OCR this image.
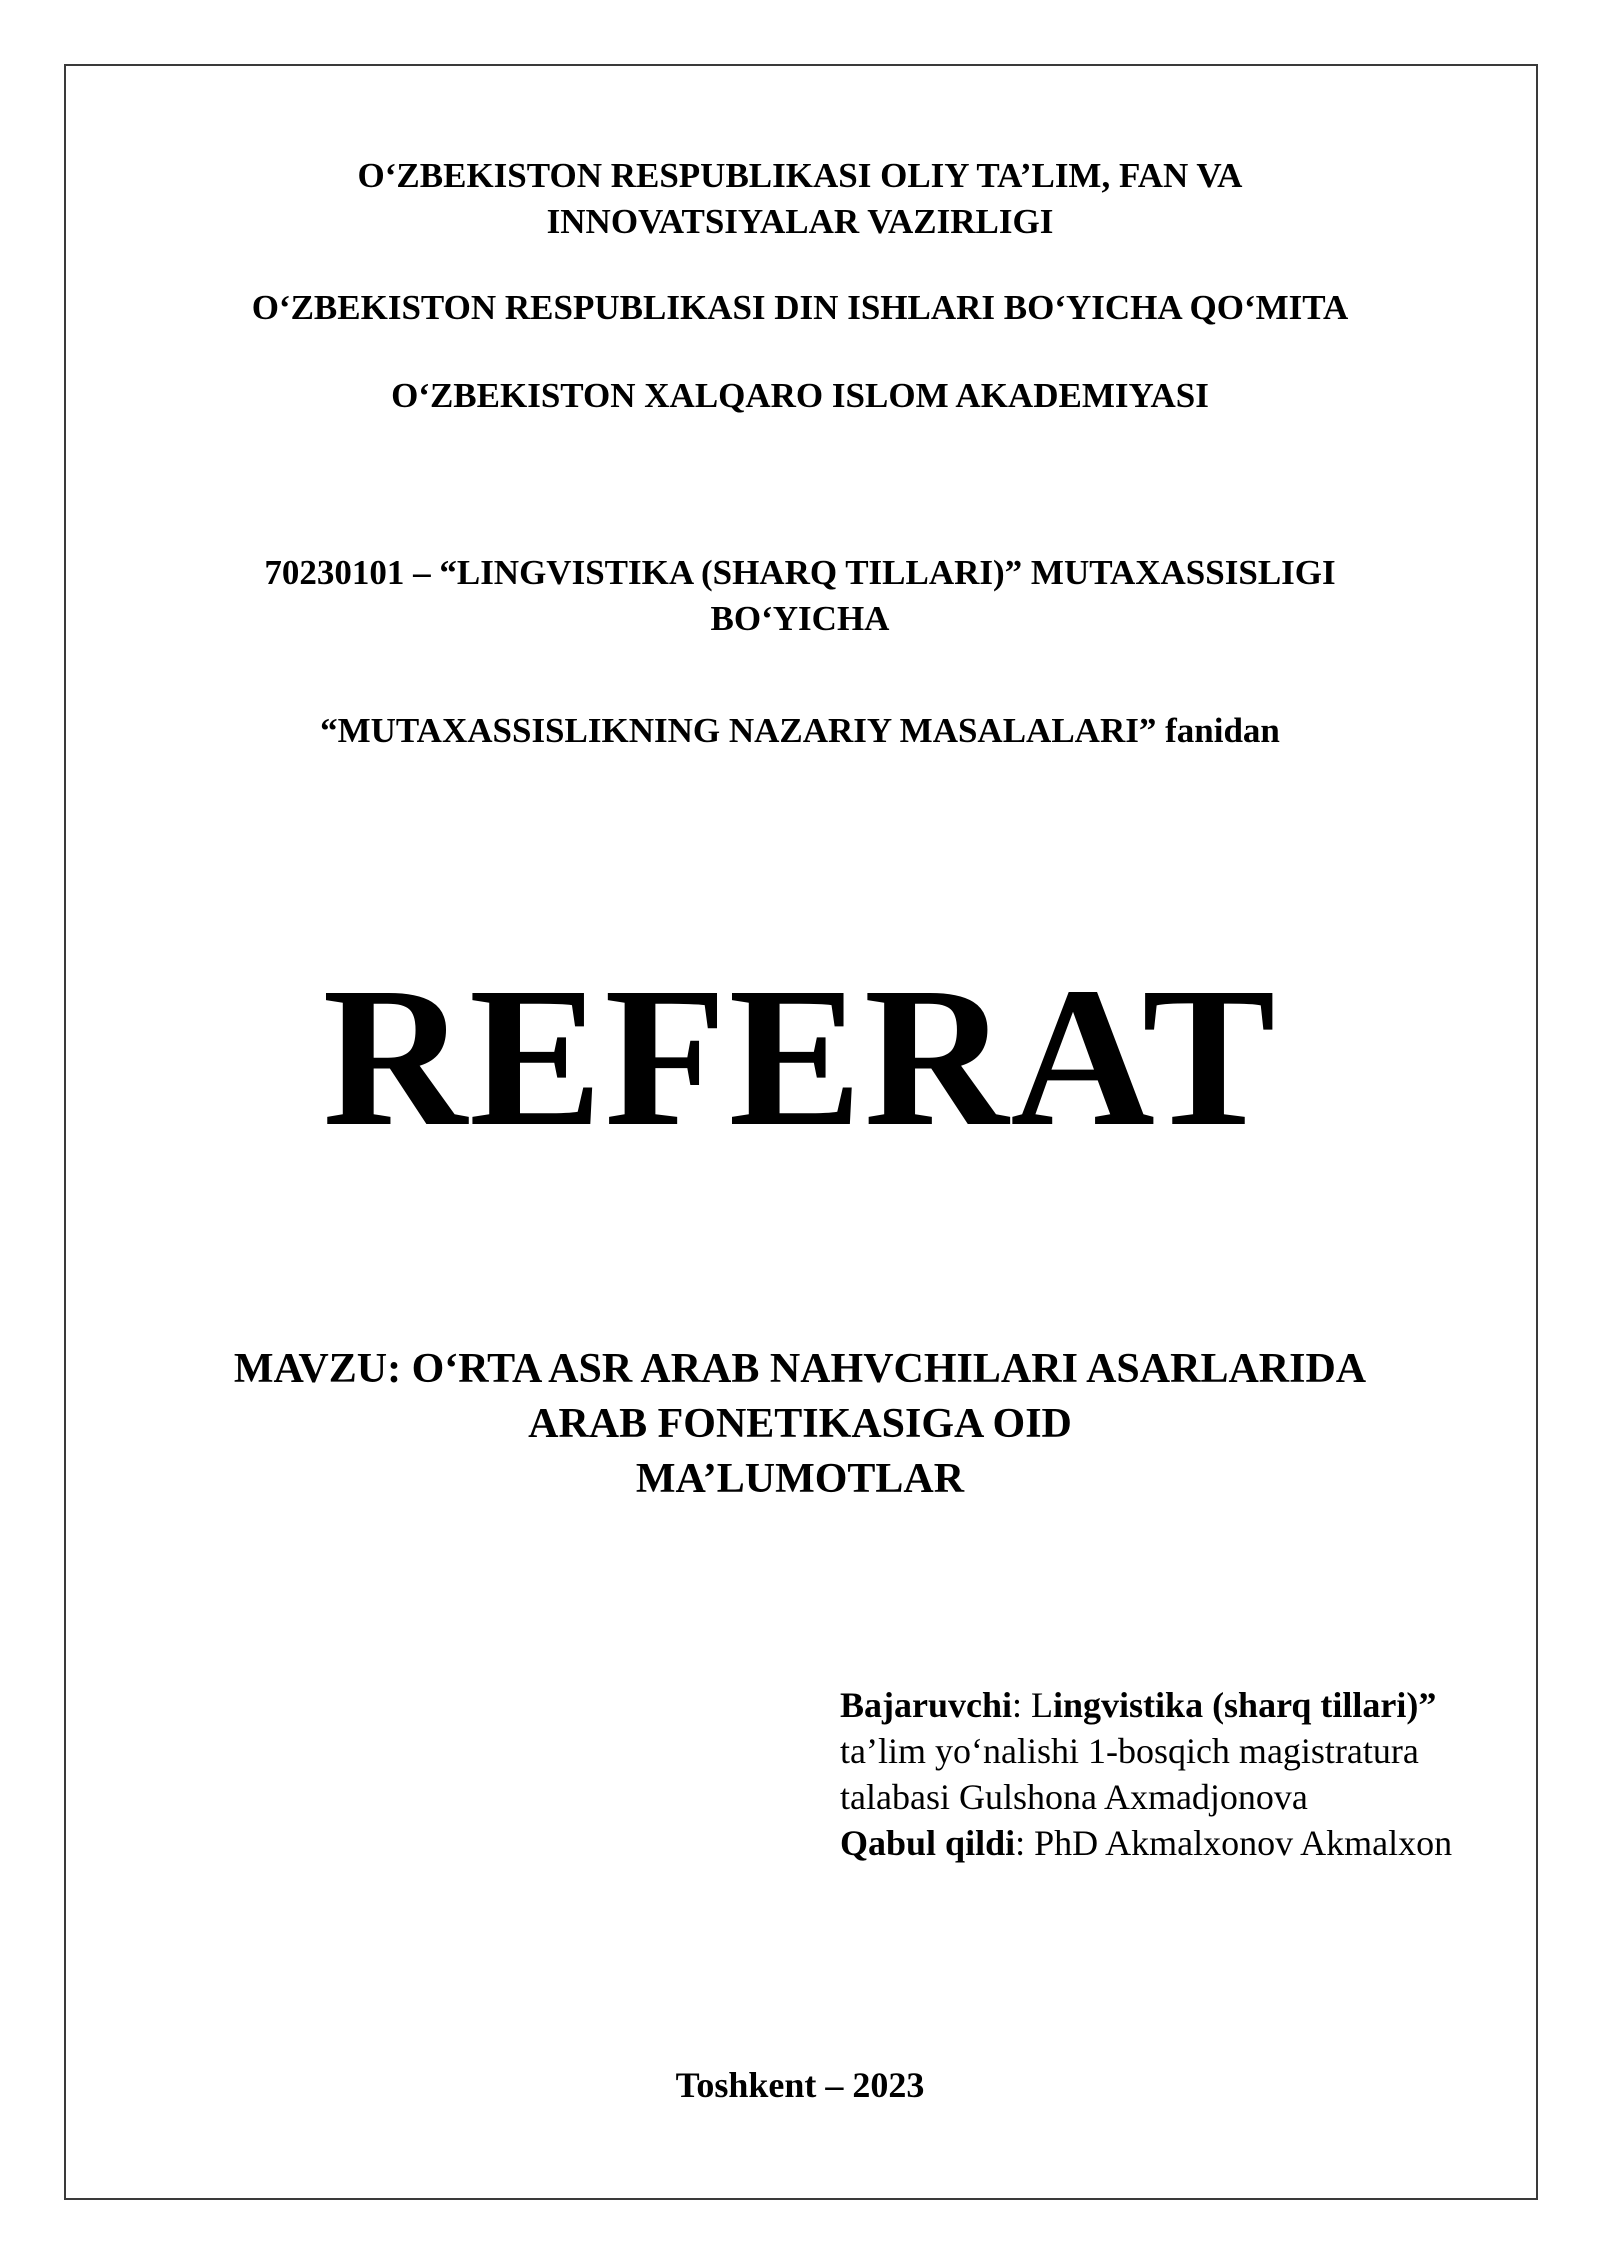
O‘ZBEKISTON RESPUBLIKASI OLIY TA’LIM, FAN VA
INNOVATSIYALAR VAZIRLIGI
O‘ZBEKISTON RESPUBLIKASI DIN ISHLARI BO‘YICHA QO‘MITA
O‘ZBEKISTON XALQARO ISLOM AKADEMIYASI
70230101 – “LINGVISTIKA (SHARQ TILLARI)” MUTAXASSISLIGI
BO‘YICHA
“MUTAXASSISLIKNING NAZARIY MASALALARI” fanidan
REFERAT
MAVZU: O‘RTA ASR ARAB NAHVCHILARI ASARLARIDA
ARAB FONETIKASIGA OID
MA’LUMOTLAR
Bajaruvchi: Lingvistika (sharq tillari)”
ta’lim yo‘nalishi 1-bosqich magistratura
talabasi Gulshona Axmadjonova
Qabul qildi: PhD Akmalxonov Akmalxon
Toshkent – 2023
